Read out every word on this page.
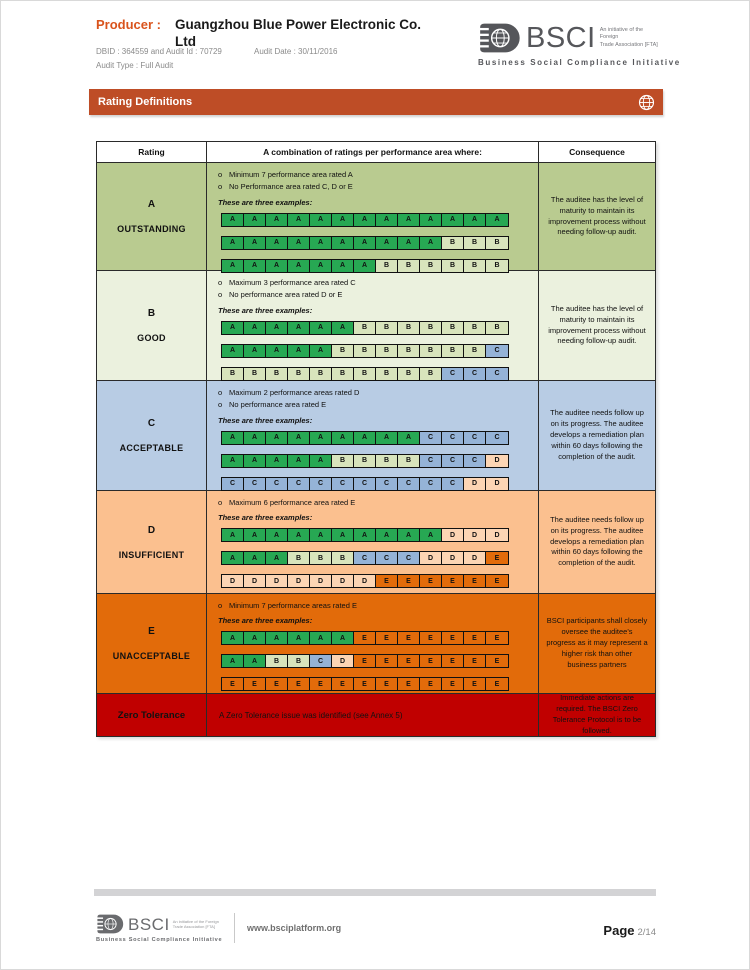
Producer : Guangzhou Blue Power Electronic Co. Ltd
DBID : 364559 and Audit Id : 70729	Audit Date : 30/11/2016
Audit Type : Full Audit
BSCI An initiative of the Foreign
Trade Association [FTA]
Business Social Compliance Initiative
Rating Definitions
Rating	A combination of ratings per performance area where:	Consequence
A
OUTSTANDING
o Minimum 7 performance area rated A
o No Performance area rated C, D or E
These are three examples:
A	A	A	A	A	A	A	A	A	A	A	A	A
A	A	A	A	A	A	A	A	A	A	B	B	B
A	A	A	A	A	A	A	B	B	B	B	B	B
The auditee has the level of maturity to maintain its improvement process without needing follow-up audit.
B
GOOD
o Maximum 3 performance area rated C
o No performance area rated D or E
These are three examples:
A	A	A	A	A	A	B	B	B	B	B	B	B
A	A	A	A	A	B	B	B	B	B	B	B	C
B	B	B	B	B	B	B	B	B	B	C	C	C
The auditee has the level of maturity to maintain its improvement process without needing follow-up audit.
C
ACCEPTABLE
o Maximum 2 performance areas rated D
o No performance area rated E
These are three examples:
A	A	A	A	A	A	A	A	A	C	C	C	C
A	A	A	A	A	B	B	B	B	C	C	C	D
C	C	C	C	C	C	C	C	C	C	C	D	D
The auditee needs follow up on its progress. The auditee develops a remediation plan within 60 days following the completion of the audit.
D
INSUFFICIENT
o Maximum 6 performance area rated E
These are three examples:
A	A	A	A	A	A	A	A	A	A	D	D	D
A	A	A	B	B	B	C	C	C	D	D	D	E
D	D	D	D	D	D	D	E	E	E	E	E	E
The auditee needs follow up on its progress. The auditee develops a remediation plan within 60 days following the completion of the audit.
E
UNACCEPTABLE
o Minimum 7 performance areas rated E
These are three examples:
A	A	A	A	A	A	E	E	E	E	E	E	E
A	A	B	B	C	D	E	E	E	E	E	E	E
E	E	E	E	E	E	E	E	E	E	E	E	E
BSCI participants shall closely oversee the auditee's progress as it may represent a higher risk than other business partners
Zero Tolerance	A Zero Tolerance issue was identified (see Annex 5)
Immediate actions are required. The BSCI Zero Tolerance Protocol is to be followed.
BSCI An initiative of the Foreign
Trade Association [FTA]
Business Social Compliance Initiative
www.bsciplatform.org	Page 2/14
